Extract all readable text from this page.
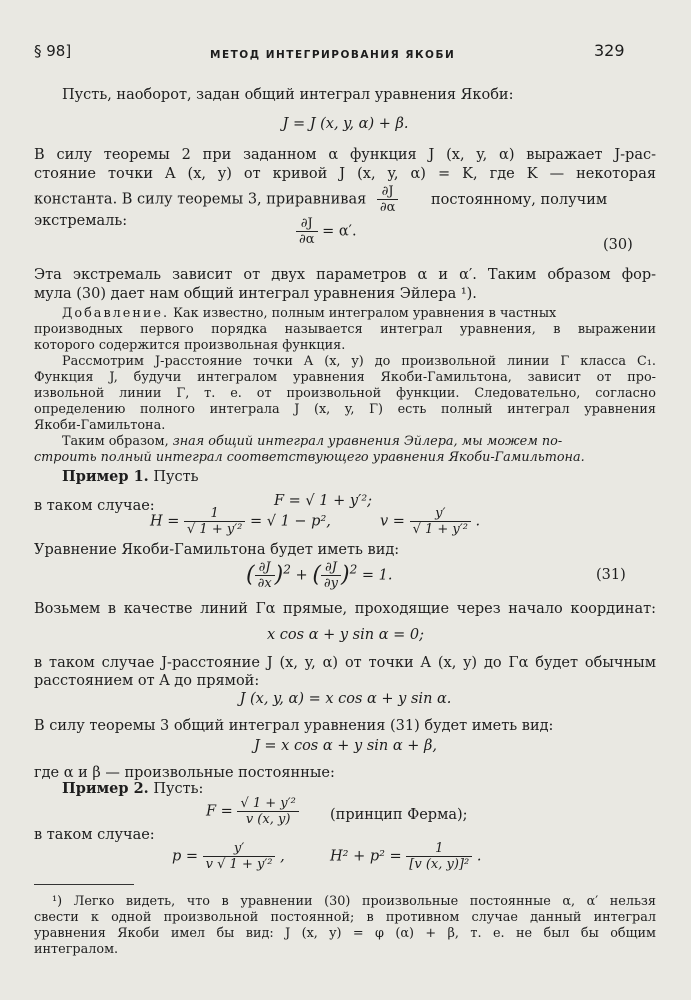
§ 98]	МЕТОД ИНТЕГРИРОВАНИЯ ЯКОБИ	329
Пусть, наоборот, задан общий интеграл уравнения Якоби:
J = J (x, y, α) + β.
В силу теоремы 2 при заданном α функция J (x, y, α) выражает J-рас-
стояние точки A (x, y) от кривой J (x, y, α) = K, где K — некоторая
константа. В силу теоремы 3, приравнивая $\frac{\partial J}{\partial\alpha}$ постоянному, получим
экстремаль:	$\frac{\partial J}{\partial\alpha} = \alpha'$.
(30)
Эта экстремаль зависит от двух параметров α и α′. Таким образом фор-
мула (30) дает нам общий интеграл уравнения Эйлера ¹).
Добавление. Как известно, полным интегралом уравнения в частных
производных первого порядка называется интеграл уравнения, в выражении
которого содержится произвольная функция.
Рассмотрим J-расстояние точки A (x, y) до произвольной линии Γ класса C₁.
Функция J, будучи интегралом уравнения Якоби-Гамильтона, зависит от про-
извольной линии Γ, т. е. от произвольной функции. Следовательно, согласно
определению полного интеграла J (x, y, Γ) есть полный интеграл уравнения
Якоби-Гамильтона.
Таким образом, зная общий интеграл уравнения Эйлера, мы можем по-
строить полный интеграл соответствующего уравнения Якоби-Гамильтона.
Пример 1. Пусть
F = √ 1 + y′²;
в таком случае:
$H = \frac{1}{\text{√ 1 + y′²}}$ = √ 1 − p²,	$v = \frac{y'}{\text{√ 1 + y′²}}$ .
Уравнение Якоби-Гамильтона будет иметь вид:
( $\frac{\partial J}{\partial x} )^2$ + ( $\frac{\partial J}{\partial y} )^2 = 1$.	(31)
Возьмем в качестве линий Γα прямые, проходящие через начало координат:
x cos α + y sin α = 0;
в таком случае J-расстояние J (x, y, α) от точки A (x, y) до Γα будет обычным
расстоянием от A до прямой:
J (x, y, α) = x cos α + y sin α.
В силу теоремы 3 общий интеграл уравнения (31) будет иметь вид:
J = x cos α + y sin α + β,
где α и β — произвольные постоянные:
Пример 2. Пусть:
$F = \frac{\text{√ 1 + y′²}}{v (x, y)}$ (принцип Ферма);
в таком случае:
$p = \frac{y'}{\text{v √ 1 + y′²}}$ ,	$H^2 + p^2 = \frac{1}{\text{[v (x, y)]²}}$ .
¹) Легко видеть, что в уравнении (30) произвольные постоянные α, α′ нельзя
свести к одной произвольной постоянной; в противном случае данный интеграл
уравнения Якоби имел бы вид: J (x, y) = φ (α) + β, т. е. не был бы общим
интегралом.
